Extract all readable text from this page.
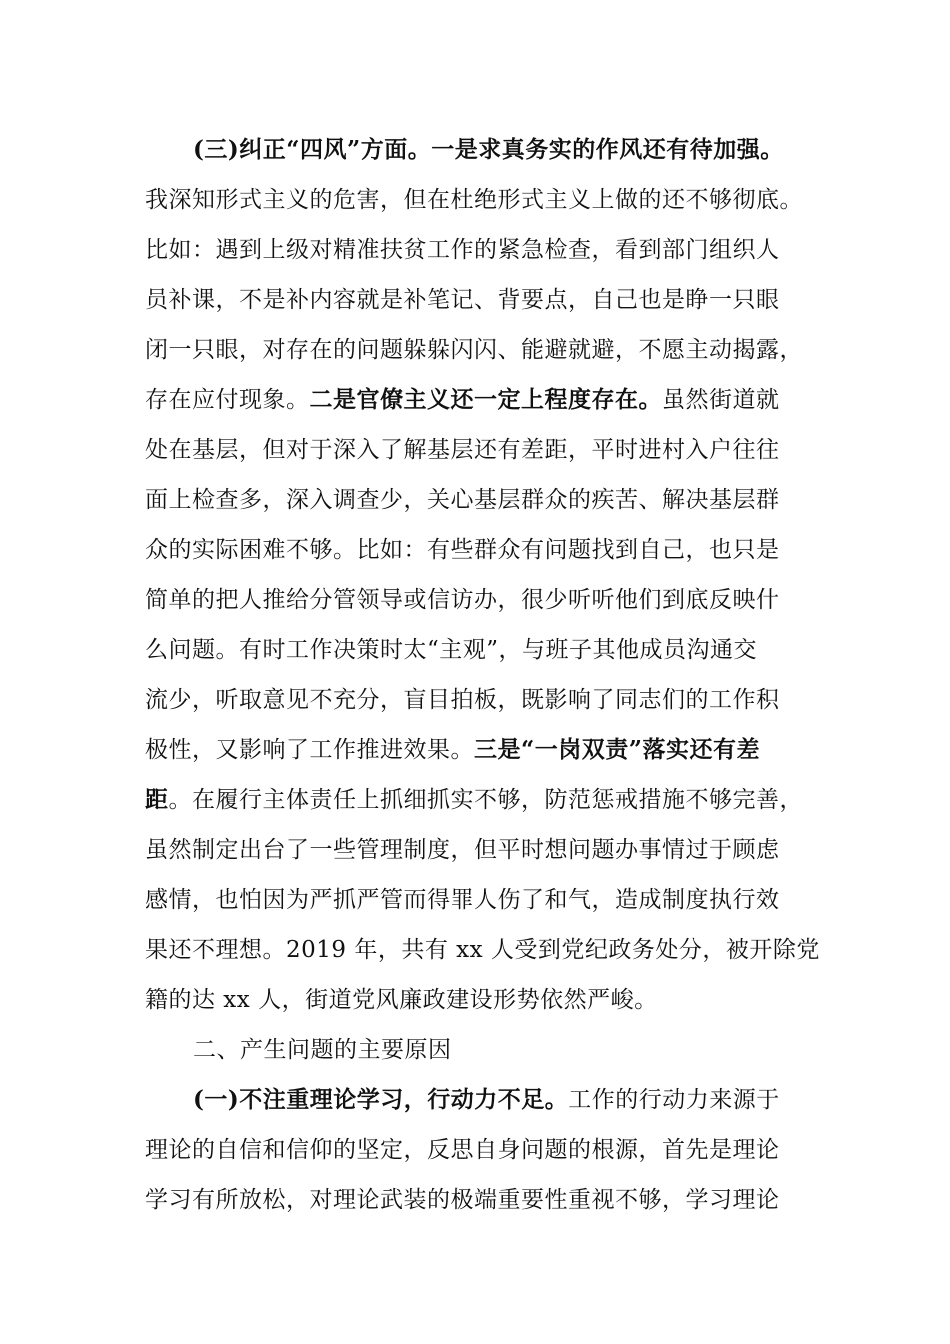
(三)纠正“四风”方面。一是求真务实的作风还有待加强。
我深知形式主义的危害，但在杜绝形式主义上做的还不够彻底。
比如：遇到上级对精准扶贫工作的紧急检查，看到部门组织人
员补课，不是补内容就是补笔记、背要点，自己也是睁一只眼
闭一只眼，对存在的问题躲躲闪闪、能避就避，不愿主动揭露，
存在应付现象。二是官僚主义还一定上程度存在。虽然街道就
处在基层，但对于深入了解基层还有差距，平时进村入户往往
面上检查多，深入调查少，关心基层群众的疾苦、解决基层群
众的实际困难不够。比如：有些群众有问题找到自己，也只是
简单的把人推给分管领导或信访办，很少听听他们到底反映什
么问题。有时工作决策时太“主观”，与班子其他成员沟通交
流少，听取意见不充分，盲目拍板，既影响了同志们的工作积
极性，又影响了工作推进效果。三是“一岗双责”落实还有差
距。在履行主体责任上抓细抓实不够，防范惩戒措施不够完善，
虽然制定出台了一些管理制度，但平时想问题办事情过于顾虑
感情，也怕因为严抓严管而得罪人伤了和气，造成制度执行效
果还不理想。2019 年，共有 xx 人受到党纪政务处分，被开除党
籍的达 xx 人，街道党风廉政建设形势依然严峻。
二、产生问题的主要原因
(一)不注重理论学习，行动力不足。工作的行动力来源于
理论的自信和信仰的坚定，反思自身问题的根源，首先是理论
学习有所放松，对理论武装的极端重要性重视不够，学习理论
